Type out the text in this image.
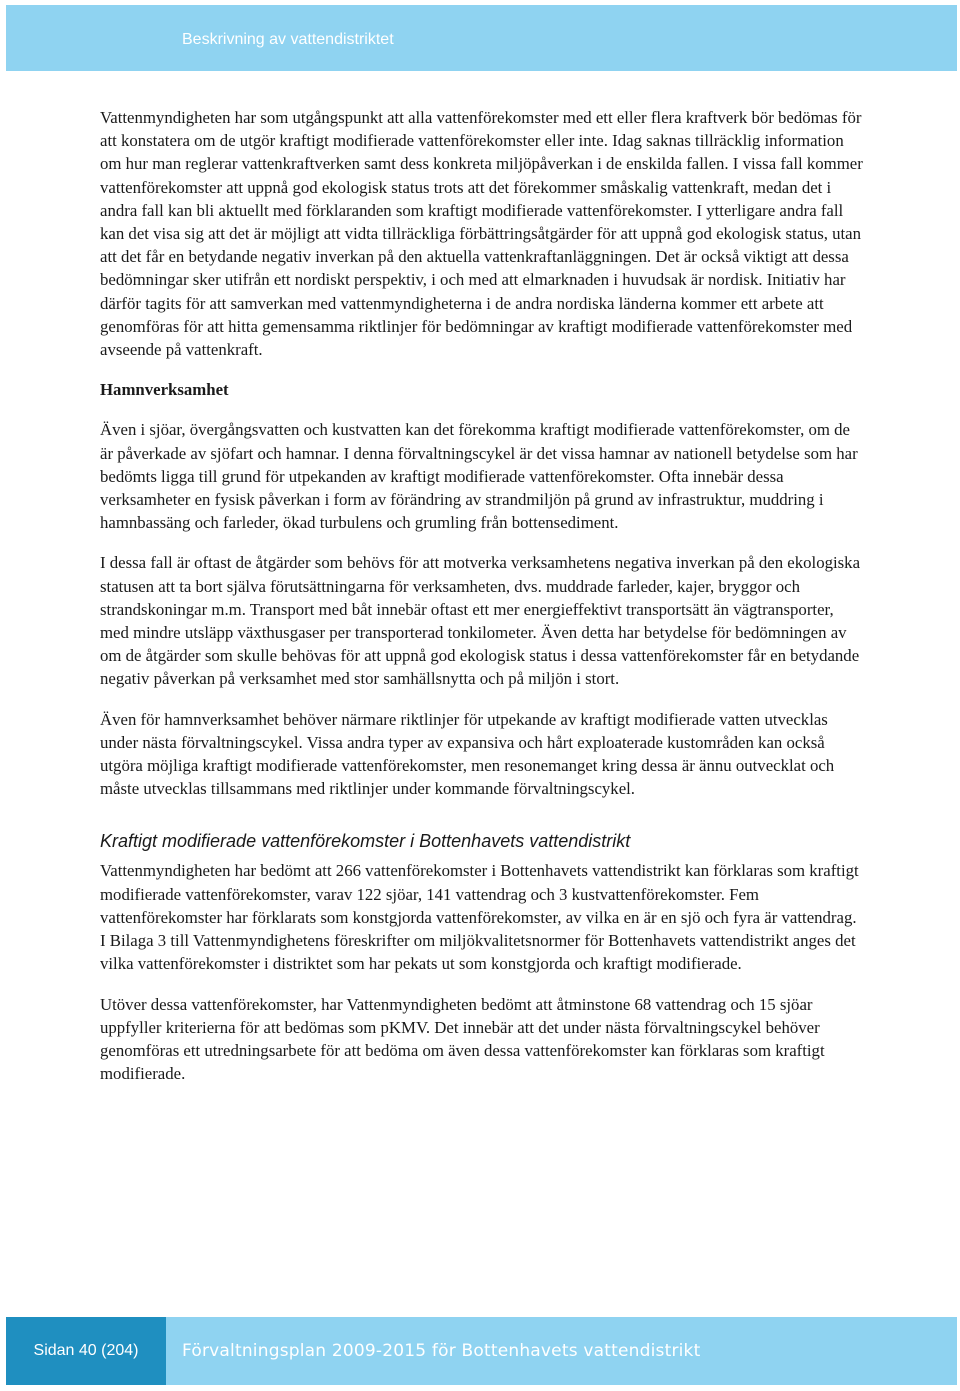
Beskrivning av vattendistriktet

Vattenmyndigheten har som utgångspunkt att alla vattenförekomster med ett eller flera kraftverk bör bedömas för att konstatera om de utgör kraftigt modifierade vattenförekomster eller inte. Idag saknas tillräcklig information om hur man reglerar vattenkraftverken samt dess konkreta miljöpåverkan i de enskilda fallen. I vissa fall kommer vattenförekomster att uppnå god ekologisk status trots att det förekommer småskalig vattenkraft, medan det i andra fall kan bli aktuellt med förklaranden som kraftigt modifierade vattenförekomster. I ytterligare andra fall kan det visa sig att det är möjligt att vidta tillräckliga förbättringsåtgärder för att uppnå god ekologisk status, utan att det får en betydande negativ inverkan på den aktuella vattenkraftanläggningen. Det är också viktigt att dessa bedömningar sker utifrån ett nordiskt perspektiv, i och med att elmarknaden i huvudsak är nordisk. Initiativ har därför tagits för att samverkan med vattenmyndigheterna i de andra nordiska länderna kommer ett arbete att genomföras för att hitta gemensamma riktlinjer för bedömningar av kraftigt modifierade vattenförekomster med avseende på vattenkraft.

Hamnverksamhet

Även i sjöar, övergångsvatten och kustvatten kan det förekomma kraftigt modifierade vattenförekomster, om de är påverkade av sjöfart och hamnar. I denna förvaltningscykel är det vissa hamnar av nationell betydelse som har bedömts ligga till grund för utpekanden av kraftigt modifierade vattenförekomster. Ofta innebär dessa verksamheter en fysisk påverkan i form av förändring av strandmiljön på grund av infrastruktur, muddring i hamnbassäng och farleder, ökad turbulens och grumling från bottensediment.

I dessa fall är oftast de åtgärder som behövs för att motverka verksamhetens negativa inverkan på den ekologiska statusen att ta bort själva förutsättningarna för verksamheten, dvs. muddrade farleder, kajer, bryggor och strandskoningar m.m. Transport med båt innebär oftast ett mer energieffektivt transportsätt än vägtransporter, med mindre utsläpp växthusgaser per transporterad tonkilometer. Även detta har betydelse för bedömningen av om de åtgärder som skulle behövas för att uppnå god ekologisk status i dessa vattenförekomster får en betydande negativ påverkan på verksamhet med stor samhällsnytta och på miljön i stort.

Även för hamnverksamhet behöver närmare riktlinjer för utpekande av kraftigt modifierade vatten utvecklas under nästa förvaltningscykel. Vissa andra typer av expansiva och hårt exploaterade kustområden kan också utgöra möjliga kraftigt modifierade vattenförekomster, men resonemanget kring dessa är ännu outvecklat och måste utvecklas tillsammans med riktlinjer under kommande förvaltningscykel.

Kraftigt modifierade vattenförekomster i Bottenhavets vattendistrikt

Vattenmyndigheten har bedömt att 266 vattenförekomster i Bottenhavets vattendistrikt kan förklaras som kraftigt modifierade vattenförekomster, varav 122 sjöar, 141 vattendrag och 3 kustvattenförekomster. Fem vattenförekomster har förklarats som konstgjorda vattenförekomster, av vilka en är en sjö och fyra är vattendrag. I Bilaga 3 till Vattenmyndighetens föreskrifter om miljökvalitetsnormer för Bottenhavets vattendistrikt anges det vilka vattenförekomster i distriktet som har pekats ut som konstgjorda och kraftigt modifierade.

Utöver dessa vattenförekomster, har Vattenmyndigheten bedömt att åtminstone 68 vattendrag och 15 sjöar uppfyller kriterierna för att bedömas som pKMV. Det innebär att det under nästa förvaltningscykel behöver genomföras ett utredningsarbete för att bedöma om även dessa vattenförekomster kan förklaras som kraftigt modifierade.

Sidan 40 (204)	Förvaltningsplan 2009-2015 för Bottenhavets vattendistrikt
